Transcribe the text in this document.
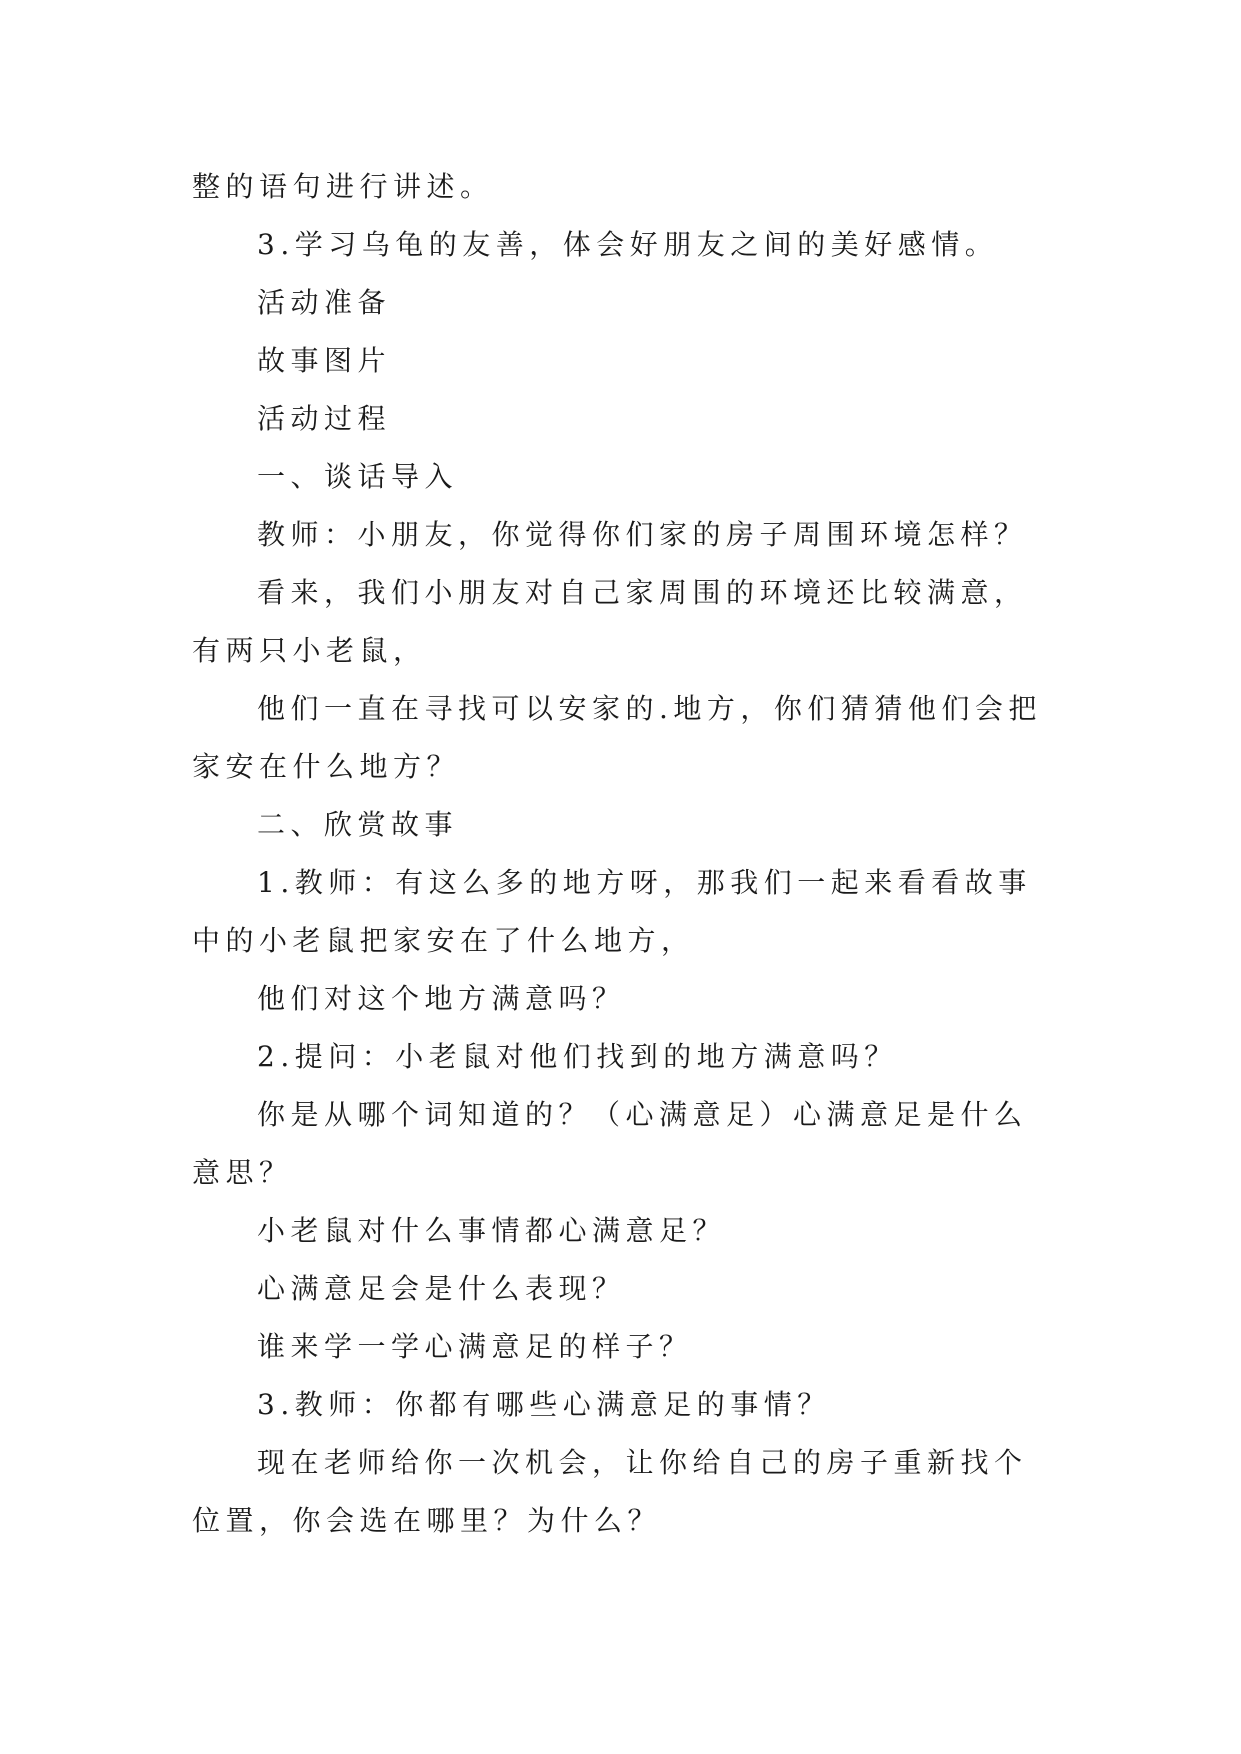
整的语句进行讲述。

3.学习乌龟的友善，体会好朋友之间的美好感情。

活动准备

故事图片

活动过程

一、谈话导入

教师：小朋友，你觉得你们家的房子周围环境怎样？

看来，我们小朋友对自己家周围的环境还比较满意，有两只小老鼠，

他们一直在寻找可以安家的.地方，你们猜猜他们会把家安在什么地方？

二、欣赏故事

1.教师：有这么多的地方呀，那我们一起来看看故事中的小老鼠把家安在了什么地方，

他们对这个地方满意吗？

2.提问：小老鼠对他们找到的地方满意吗？

你是从哪个词知道的？（心满意足）心满意足是什么意思？

小老鼠对什么事情都心满意足？

心满意足会是什么表现？

谁来学一学心满意足的样子？

3.教师：你都有哪些心满意足的事情？

现在老师给你一次机会，让你给自己的房子重新找个位置，你会选在哪里？为什么？
